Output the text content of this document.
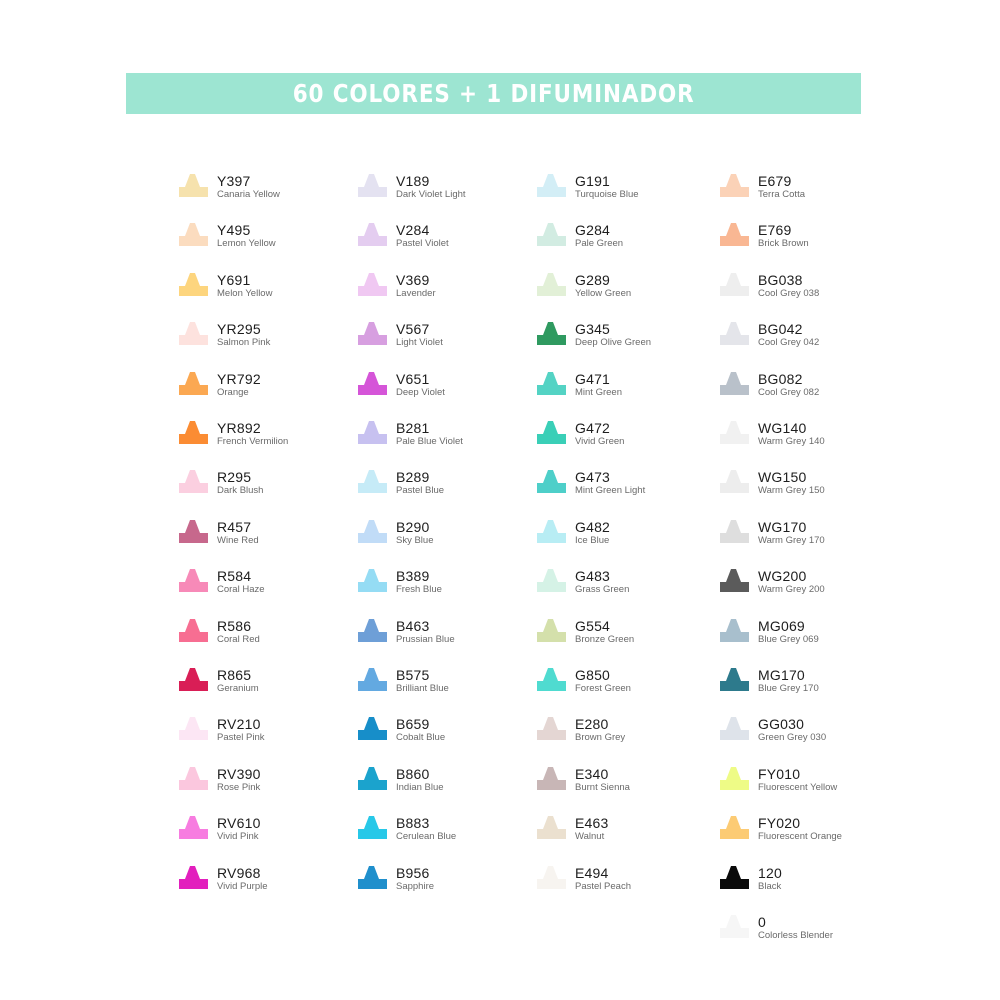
60 COLORES + 1 DIFUMINADOR
Y397
Canaria Yellow
Y495
Lemon Yellow
Y691
Melon Yellow
YR295
Salmon Pink
YR792
Orange
YR892
French Vermilion
R295
Dark Blush
R457
Wine Red
R584
Coral Haze
R586
Coral Red
R865
Geranium
RV210
Pastel Pink
RV390
Rose Pink
RV610
Vivid Pink
RV968
Vivid Purple
V189
Dark Violet Light
V284
Pastel Violet
V369
Lavender
V567
Light Violet
V651
Deep Violet
B281
Pale Blue Violet
B289
Pastel Blue
B290
Sky Blue
B389
Fresh Blue
B463
Prussian Blue
B575
Brilliant Blue
B659
Cobalt Blue
B860
Indian Blue
B883
Cerulean Blue
B956
Sapphire
G191
Turquoise Blue
G284
Pale Green
G289
Yellow Green
G345
Deep Olive Green
G471
Mint Green
G472
Vivid Green
G473
Mint Green Light
G482
Ice Blue
G483
Grass Green
G554
Bronze Green
G850
Forest Green
E280
Brown Grey
E340
Burnt Sienna
E463
Walnut
E494
Pastel Peach
E679
Terra Cotta
E769
Brick Brown
BG038
Cool Grey 038
BG042
Cool Grey 042
BG082
Cool Grey 082
WG140
Warm Grey 140
WG150
Warm Grey 150
WG170
Warm Grey 170
WG200
Warm Grey 200
MG069
Blue Grey 069
MG170
Blue Grey 170
GG030
Green Grey 030
FY010
Fluorescent Yellow
FY020
Fluorescent Orange
120
Black
0
Colorless Blender
